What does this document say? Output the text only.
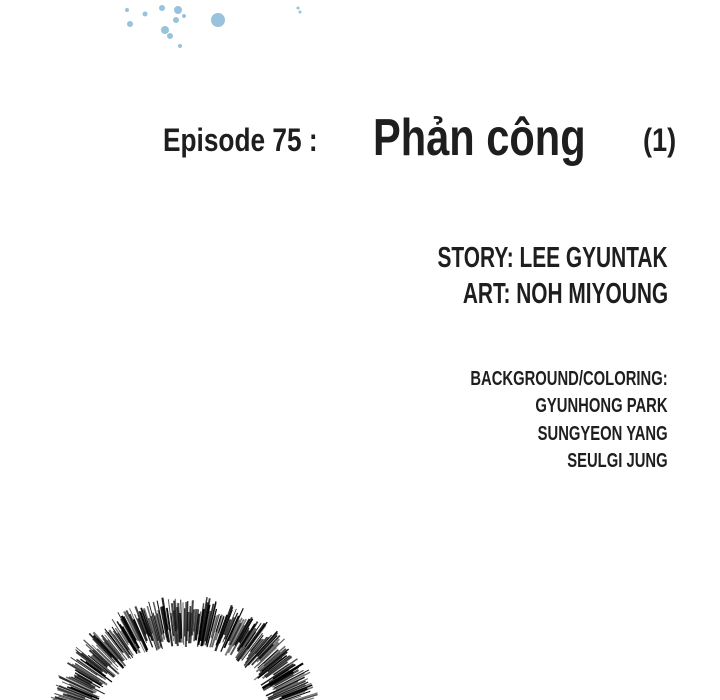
Episode 75 : Phản công (1)
STORY: LEE GYUNTAK
ART: NOH MIYOUNG
BACKGROUND/COLORING:
GYUNHONG PARK
SUNGYEON YANG
SEULGI JUNG
